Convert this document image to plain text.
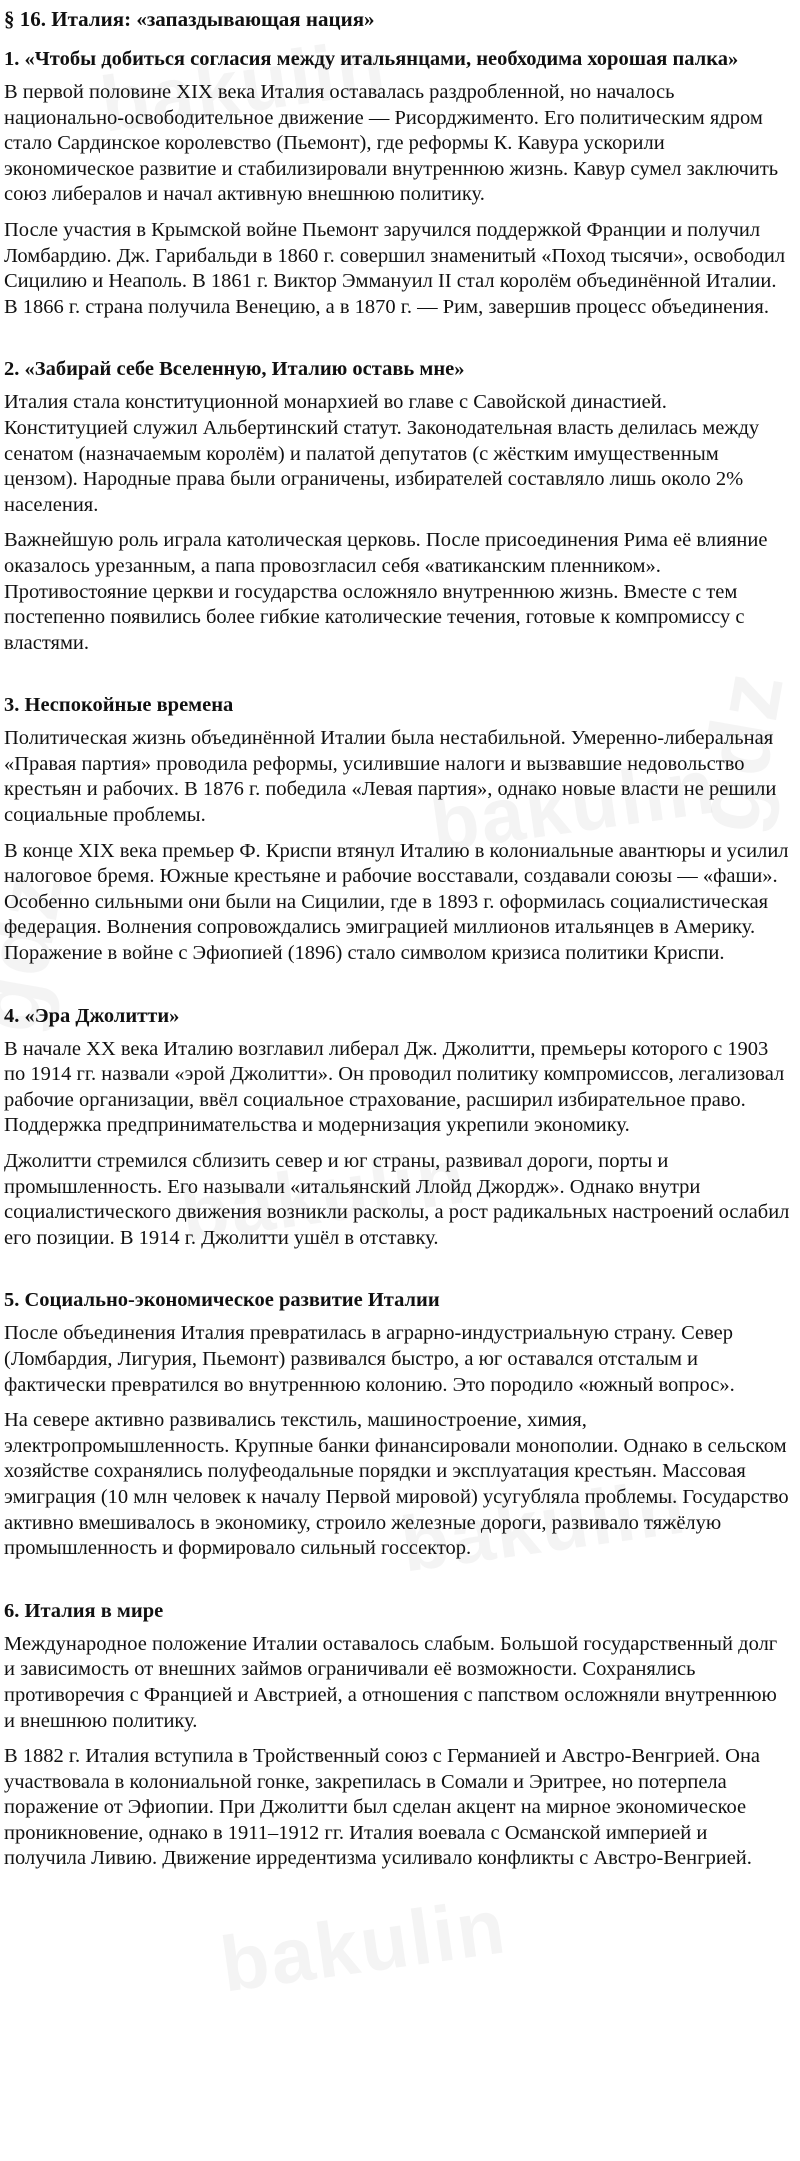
§ 16. Италия: «запаздывающая нация»
1. «Чтобы добиться согласия между итальянцами, необходима хорошая палка»

В первой половине XIX века Италия оставалась раздробленной, но началось национально-освободительное движение — Рисорджименто. Его политическим ядром стало Сардинское королевство (Пьемонт), где реформы К. Кавура ускорили экономическое развитие и стабилизировали внутреннюю жизнь. Кавур сумел заключить союз либералов и начал активную внешнюю политику.

После участия в Крымской войне Пьемонт заручился поддержкой Франции и получил Ломбардию. Дж. Гарибальди в 1860 г. совершил знаменитый «Поход тысячи», освободил Сицилию и Неаполь. В 1861 г. Виктор Эммануил II стал королём объединённой Италии. В 1866 г. страна получила Венецию, а в 1870 г. — Рим, завершив процесс объединения.

2. «Забирай себе Вселенную, Италию оставь мне»

Италия стала конституционной монархией во главе с Савойской династией. Конституцией служил Альбертинский статут. Законодательная власть делилась между сенатом (назначаемым королём) и палатой депутатов (с жёстким имущественным цензом). Народные права были ограничены, избирателей составляло лишь около 2% населения.

Важнейшую роль играла католическая церковь. После присоединения Рима её влияние оказалось урезанным, а папа провозгласил себя «ватиканским пленником». Противостояние церкви и государства осложняло внутреннюю жизнь. Вместе с тем постепенно появились более гибкие католические течения, готовые к компромиссу с властями.

3. Неспокойные времена

Политическая жизнь объединённой Италии была нестабильной. Умеренно-либеральная «Правая партия» проводила реформы, усилившие налоги и вызвавшие недовольство крестьян и рабочих. В 1876 г. победила «Левая партия», однако новые власти не решили социальные проблемы.

В конце XIX века премьер Ф. Криспи втянул Италию в колониальные авантюры и усилил налоговое бремя. Южные крестьяне и рабочие восставали, создавали союзы — «фаши». Особенно сильными они были на Сицилии, где в 1893 г. оформилась социалистическая федерация. Волнения сопровождались эмиграцией миллионов итальянцев в Америку. Поражение в войне с Эфиопией (1896) стало символом кризиса политики Криспи.

4. «Эра Джолитти»

В начале XX века Италию возглавил либерал Дж. Джолитти, премьеры которого с 1903 по 1914 гг. назвали «эрой Джолитти». Он проводил политику компромиссов, легализовал рабочие организации, ввёл социальное страхование, расширил избирательное право. Поддержка предпринимательства и модернизация укрепили экономику.

Джолитти стремился сблизить север и юг страны, развивал дороги, порты и промышленность. Его называли «итальянский Ллойд Джордж». Однако внутри социалистического движения возникли расколы, а рост радикальных настроений ослабил его позиции. В 1914 г. Джолитти ушёл в отставку.

5. Социально-экономическое развитие Италии

После объединения Италия превратилась в аграрно-индустриальную страну. Север (Ломбардия, Лигурия, Пьемонт) развивался быстро, а юг оставался отсталым и фактически превратился во внутреннюю колонию. Это породило «южный вопрос».

На севере активно развивались текстиль, машиностроение, химия, электропромышленность. Крупные банки финансировали монополии. Однако в сельском хозяйстве сохранялись полуфеодальные порядки и эксплуатация крестьян. Массовая эмиграция (10 млн человек к началу Первой мировой) усугубляла проблемы. Государство активно вмешивалось в экономику, строило железные дороги, развивало тяжёлую промышленность и формировало сильный госсектор.

6. Италия в мире

Международное положение Италии оставалось слабым. Большой государственный долг и зависимость от внешних займов ограничивали её возможности. Сохранялись противоречия с Францией и Австрией, а отношения с папством осложняли внутреннюю и внешнюю политику.

В 1882 г. Италия вступила в Тройственный союз с Германией и Австро-Венгрией. Она участвовала в колониальной гонке, закрепилась в Сомали и Эритрее, но потерпела поражение от Эфиопии. При Джолитти был сделан акцент на мирное экономическое проникновение, однако в 1911–1912 гг. Италия воевала с Османской империей и получила Ливию. Движение ирредентизма усиливало конфликты с Австро-Венгрией.
